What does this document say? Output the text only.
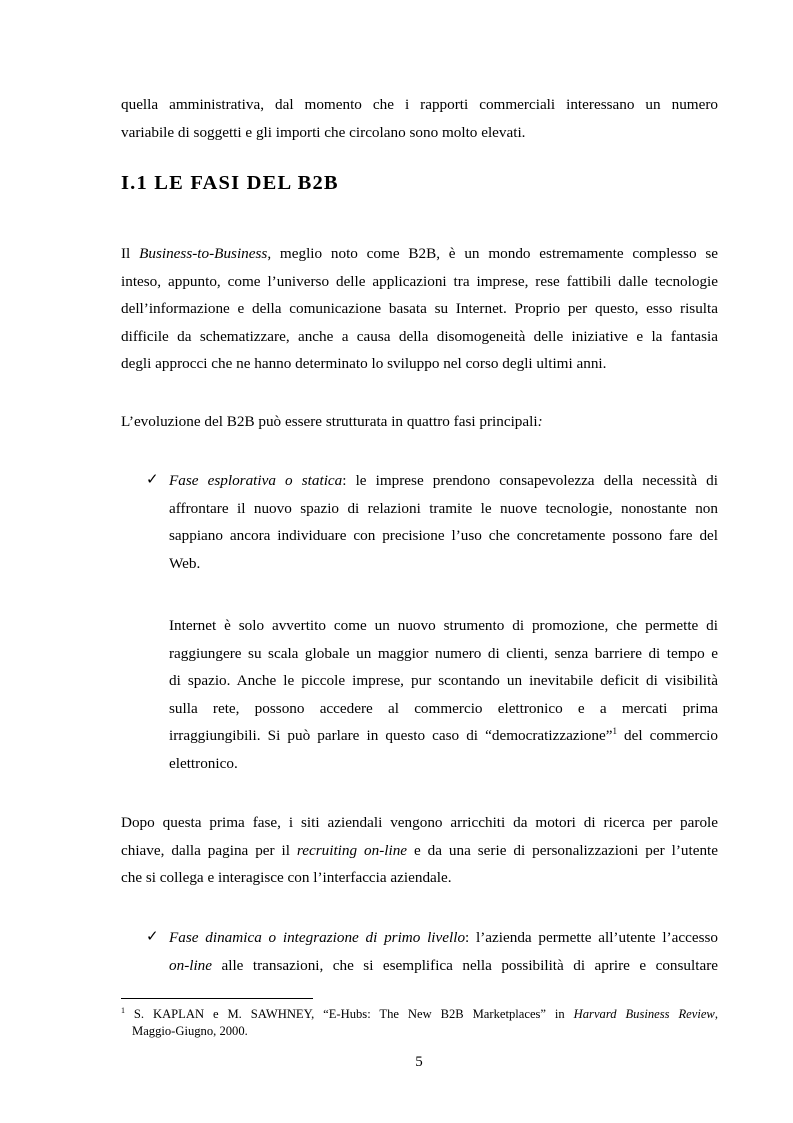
quella amministrativa, dal momento che i rapporti commerciali interessano un numero
variabile di soggetti e gli importi che circolano sono molto elevati.
I.1 LE FASI DEL B2B
Il Business-to-Business, meglio noto come B2B, è un mondo estremamente complesso se
inteso, appunto, come l’universo delle applicazioni tra imprese, rese fattibili dalle tecnologie
dell’informazione e della comunicazione basata su Internet. Proprio per questo, esso risulta
difficile da schematizzare, anche a causa della disomogeneità delle iniziative e la fantasia
degli approcci che ne hanno determinato lo sviluppo nel corso degli ultimi anni.
L’evoluzione del B2B può essere strutturata in quattro fasi principali:
✓ Fase esplorativa o statica: le imprese prendono consapevolezza della necessità di
affrontare il nuovo spazio di relazioni tramite le nuove tecnologie, nonostante non
sappiano ancora individuare con precisione l’uso che concretamente possono fare del
Web.
Internet è solo avvertito come un nuovo strumento di promozione, che permette di
raggiungere su scala globale un maggior numero di clienti, senza barriere di tempo e
di spazio. Anche le piccole imprese, pur scontando un inevitabile deficit di visibilità
sulla rete, possono accedere al commercio elettronico e a mercati prima
irraggiungibili. Si può parlare in questo caso di “democratizzazione”$^1$ del commercio
elettronico.
Dopo questa prima fase, i siti aziendali vengono arricchiti da motori di ricerca per parole
chiave, dalla pagina per il recruiting on-line e da una serie di personalizzazioni per l’utente
che si collega e interagisce con l’interfaccia aziendale.
✓ Fase dinamica o integrazione di primo livello: l’azienda permette all’utente l’accesso
on-line alle transazioni, che si esemplifica nella possibilità di aprire e consultare
$^1$ S. KAPLAN e M. SAWHNEY, “E-Hubs: The New B2B Marketplaces” in Harvard Business Review,
Maggio-Giugno, 2000.
5
